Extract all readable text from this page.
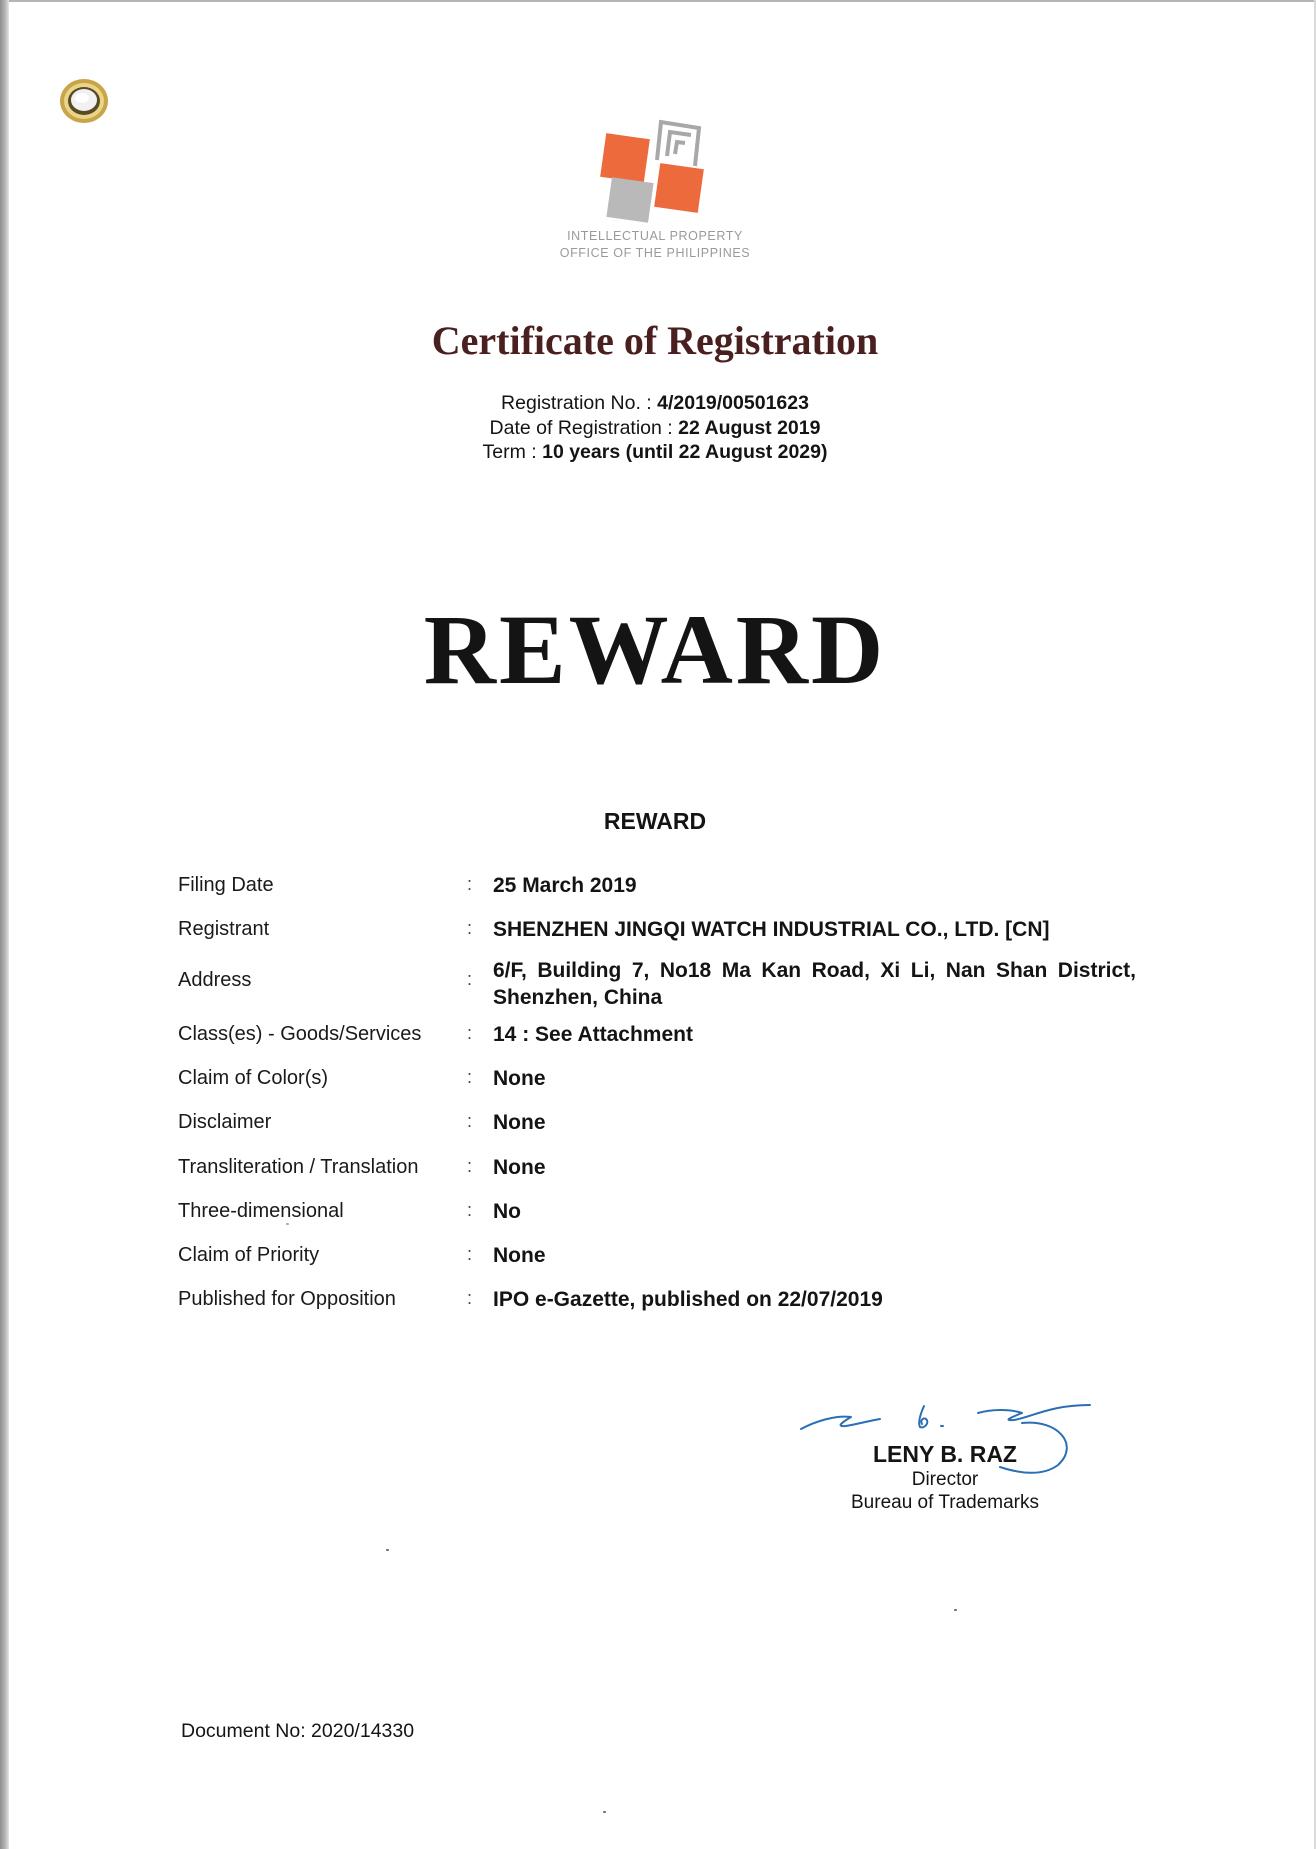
INTELLECTUAL PROPERTY
OFFICE OF THE PHILIPPINES
Certificate of Registration
Registration No. : 4/2019/00501623
Date of Registration : 22 August 2019
Term : 10 years (until 22 August 2029)
REWARD
REWARD
Filing Date	: 25 March 2019
Registrant	: SHENZHEN JINGQI WATCH INDUSTRIAL CO., LTD. [CN]
Address	: 6/F, Building 7, No18 Ma Kan Road, Xi Li, Nan Shan District, Shenzhen, China
Class(es) - Goods/Services	: 14 : See Attachment
Claim of Color(s)	: None
Disclaimer	: None
Transliteration / Translation	: None
Three-dimensional	: No
Claim of Priority	: None
Published for Opposition	: IPO e-Gazette, published on 22/07/2019
LENY B. RAZ
Director
Bureau of Trademarks
Document No: 2020/14330
